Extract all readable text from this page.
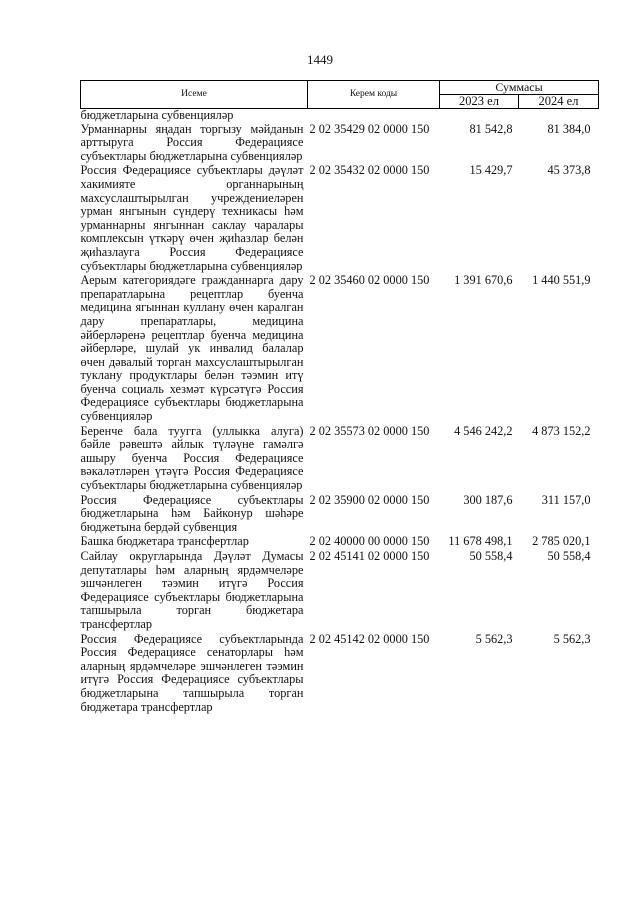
1449
Исеме	Керем коды	Суммасы	
		2023 ел	2024 ел
бюджетларына субвенцияләр			
Урманнарны яңадан торгызу мәйданын арттыруга Россия Федерациясе субъектлары бюджетларына субвенцияләр	2 02 35429 02 0000 150	81 542,8	81 384,0
Россия Федерациясе субъектлары дәүләт хакимияте органнарының махсуслаштырылган учреждениеләрен урман янгынын сүндерү техникасы һәм урманнарны янгыннан саклау чаралары комплексын үткәрү өчен җиһазлар белән җиһазлауга Россия Федерациясе субъектлары бюджетларына субвенцияләр	2 02 35432 02 0000 150	15 429,7	45 373,8
Аерым категориядәге гражданнарга дару препаратларына рецептлар буенча медицина ягыннан куллану өчен каралган дару препаратлары, медицина әйберләренә рецептлар буенча медицина әйберләре, шулай ук инвалид балалар өчен дәвалый торган махсуслаштырылган туклану продуктлары белән тәэмин итү буенча социаль хезмәт күрсәтүгә Россия Федерациясе субъектлары бюджетларына субвенцияләр	2 02 35460 02 0000 150	1 391 670,6	1 440 551,9
Беренче бала туугга (уллыкка алуга) бәйле рәвештә айлык түләүне гамәлгә ашыру буенча Россия Федерациясе вәкаләтләрен үтәүгә Россия Федерациясе субъектлары бюджетларына субвенцияләр	2 02 35573 02 0000 150	4 546 242,2	4 873 152,2
Россия Федерациясе субъектлары бюджетларына һәм Байконур шәһәре бюджетына бердәй субвенция	2 02 35900 02 0000 150	300 187,6	311 157,0
Башка бюджетара трансфертлар	2 02 40000 00 0000 150	11 678 498,1	2 785 020,1
Сайлау округларында Дәүләт Думасы депутатлары һәм аларның ярдәмчеләре эшчәнлеген тәэмин итүгә Россия Федерациясе субъектлары бюджетларына тапшырыла торган бюджетара трансфертлар	2 02 45141 02 0000 150	50 558,4	50 558,4
Россия Федерациясе субъектларында Россия Федерациясе сенаторлары һәм аларның ярдәмчеләре эшчәнлеген тәэмин итүгә Россия Федерациясе субъектлары бюджетларына тапшырыла торган бюджетара трансфертлар	2 02 45142 02 0000 150	5 562,3	5 562,3
